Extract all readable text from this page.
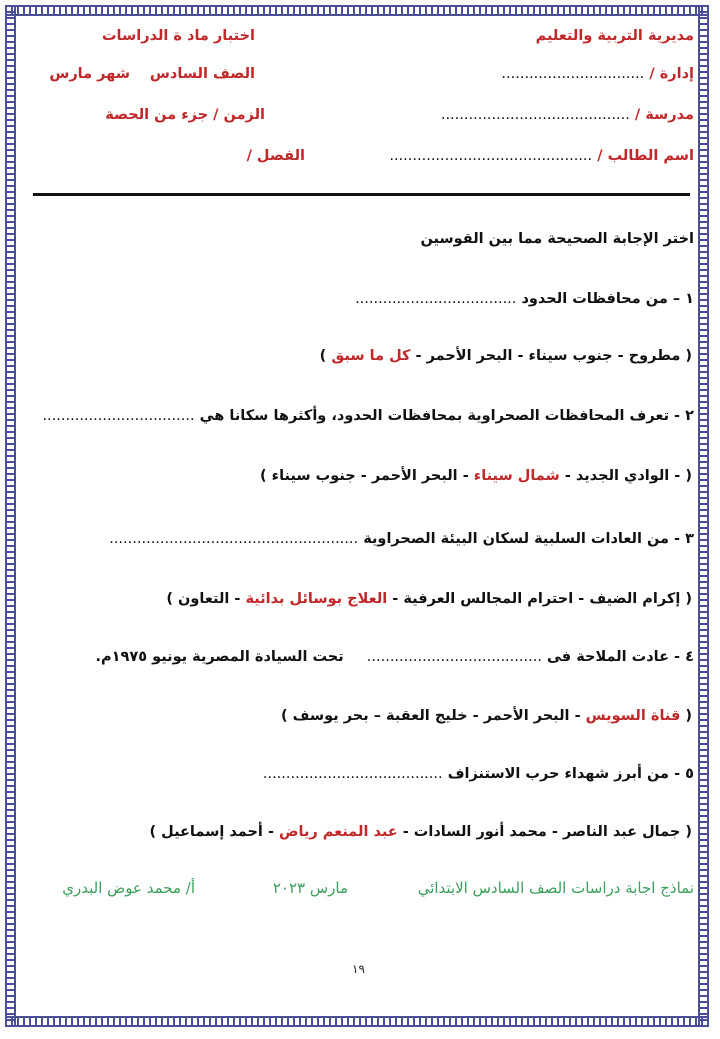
مديرية التربية والتعليم
اختبار ماد ة الدراسات
إدارة / ...............................
الصف السادس
شهر مارس
مدرسة / .........................................
الزمن / جزء من الحصة
اسم الطالب / ............................................
الفصل /
اختر الإجابة الصحيحة مما بين القوسين
١ – من محافظات الحدود ...................................
( مطروح - جنوب سيناء - البحر الأحمر - كل ما سبق )
٢ - تعرف المحافظات الصحراوية بمحافظات الحدود، وأكثرها سكانا هي .................................
( - الوادي الجديد - شمال سيناء - البحر الأحمر - جنوب سيناء )
٣ - من العادات السلبية لسكان البيئة الصحراوية ......................................................
( إكرام الضيف - احترام المجالس العرفية - العلاج بوسائل بدائية - التعاون )
٤ - عادت الملاحة فى ...................................... تحت السيادة المصرية يونيو ١٩٧٥م.
( قناة السويس - البحر الأحمر - خليج العقبة – بحر يوسف )
٥ - من أبرز شهداء حرب الاستنزاف .......................................
( جمال عبد الناصر - محمد أنور السادات - عبد المنعم رياض - أحمد إسماعيل )
نماذج اجابة دراسات الصف السادس الابتدائي
مارس ٢٠٢٣
أ/ محمد عوض البدري
١٩
